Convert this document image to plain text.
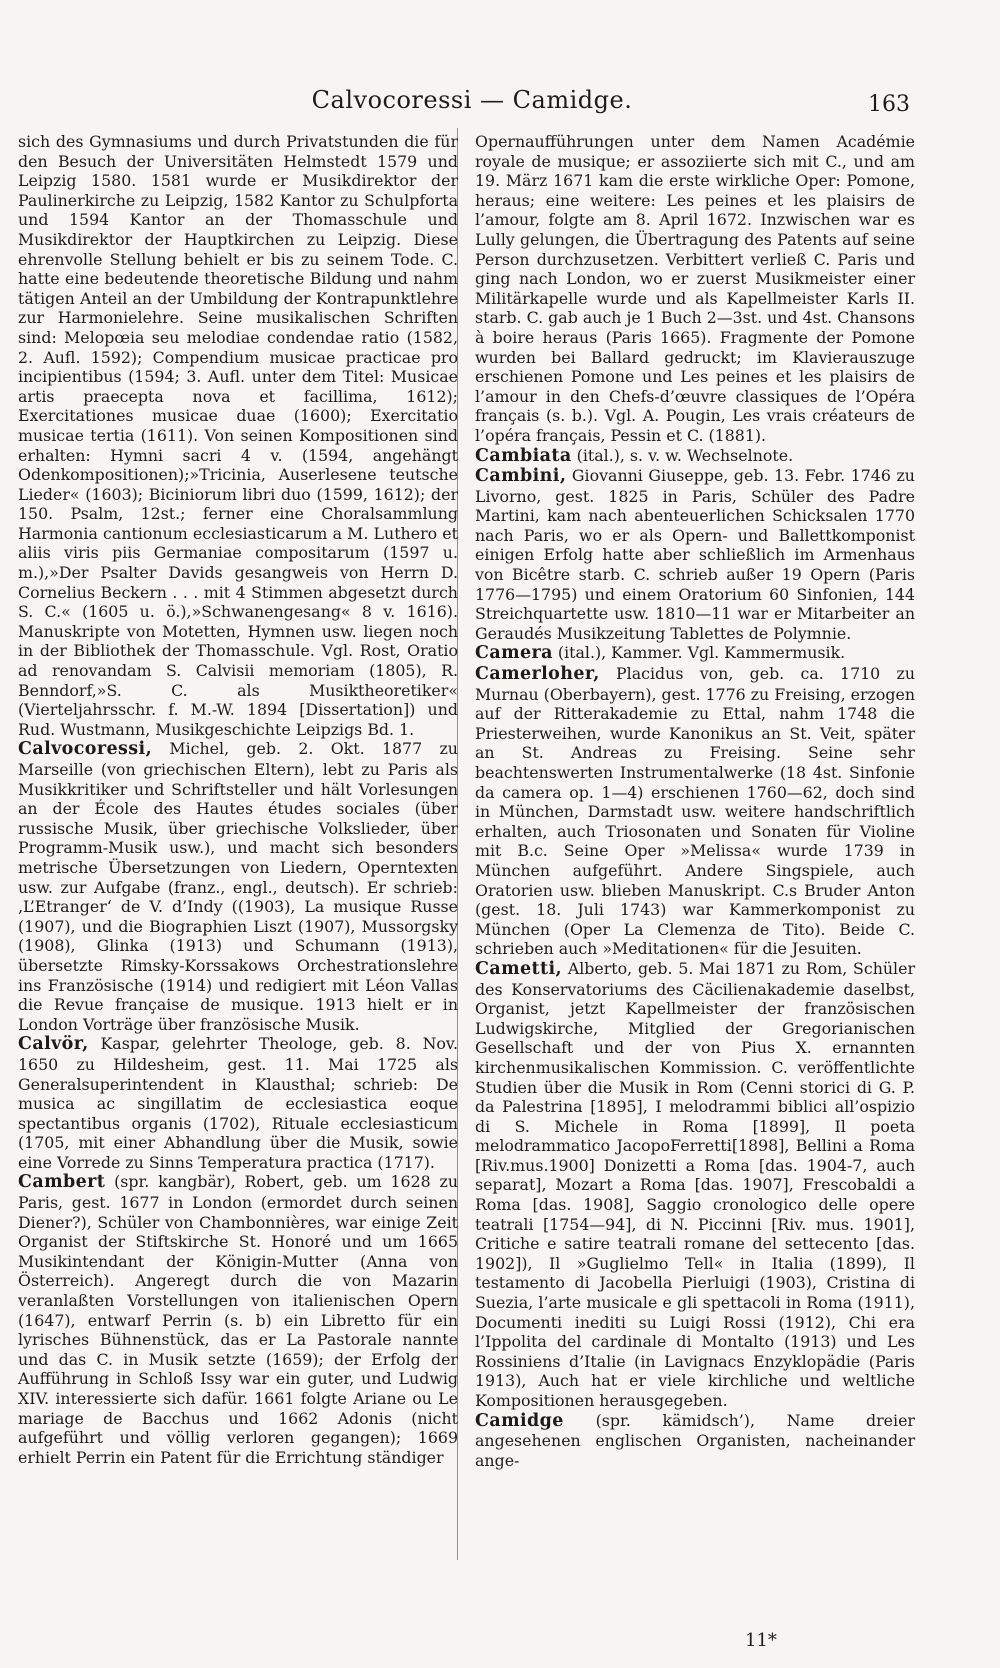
Calvocoressi — Camidge.	163

sich des Gymnasiums und durch Privatstunden die für den Besuch der Universitäten Helmstedt 1579 und Leipzig 1580. 1581 wurde er Musikdirektor der Paulinerkirche zu Leipzig, 1582 Kantor zu Schulpforta und 1594 Kantor an der Thomasschule und Musikdirektor der Hauptkirchen zu Leipzig. Diese ehrenvolle Stellung behielt er bis zu seinem Tode. C. hatte eine bedeutende theoretische Bildung und nahm tätigen Anteil an der Umbildung der Kontrapunktlehre zur Harmonielehre. Seine musikalischen Schriften sind: Melopœia seu melodiae condendae ratio (1582, 2. Aufl. 1592); Compendium musicae practicae pro incipientibus (1594; 3. Aufl. unter dem Titel: Musicae artis praecepta nova et facillima, 1612); Exercitationes musicae duae (1600); Exercitatio musicae tertia (1611). Von seinen Kompositionen sind erhalten: Hymni sacri 4 v. (1594, angehängt Odenkompositionen);»Tricinia, Auserlesene teutsche Lieder« (1603); Biciniorum libri duo (1599, 1612); der 150. Psalm, 12st.; ferner eine Choralsammlung Harmonia cantionum ecclesiasticarum a M. Luthero et aliis viris piis Germaniae compositarum (1597 u. m.),»Der Psalter Davids gesangweis von Herrn D. Cornelius Beckern . . . mit 4 Stimmen abgesetzt durch S. C.« (1605 u. ö.),»Schwanengesang« 8 v. 1616). Manuskripte von Motetten, Hymnen usw. liegen noch in der Bibliothek der Thomasschule. Vgl. Rost, Oratio ad renovandam S. Calvisii memoriam (1805), R. Benndorf,»S. C. als Musiktheoretiker« (Vierteljahrsschr. f. M.-W. 1894 [Dissertation]) und Rud. Wustmann, Musikgeschichte Leipzigs Bd. 1.

Calvocoressi, Michel, geb. 2. Okt. 1877 zu Marseille (von griechischen Eltern), lebt zu Paris als Musikkritiker und Schriftsteller und hält Vorlesungen an der École des Hautes études sociales (über russische Musik, über griechische Volkslieder, über Programm-Musik usw.), und macht sich besonders metrische Übersetzungen von Liedern, Operntexten usw. zur Aufgabe (franz., engl., deutsch). Er schrieb: ‚L’Etranger‘ de V. d’Indy ((1903), La musique Russe (1907), und die Biographien Liszt (1907), Mussorgsky (1908), Glinka (1913) und Schumann (1913), übersetzte Rimsky-Korssakows Orchestrationslehre ins Französische (1914) und redigiert mit Léon Vallas die Revue française de musique. 1913 hielt er in London Vorträge über französische Musik.

Calvör, Kaspar, gelehrter Theologe, geb. 8. Nov. 1650 zu Hildesheim, gest. 11. Mai 1725 als Generalsuperintendent in Klausthal; schrieb: De musica ac singillatim de ecclesiastica eoque spectantibus organis (1702), Rituale ecclesiasticum (1705, mit einer Abhandlung über die Musik, sowie eine Vorrede zu Sinns Temperatura practica (1717).

Cambert (spr. kangbär), Robert, geb. um 1628 zu Paris, gest. 1677 in London (ermordet durch seinen Diener?), Schüler von Chambonnières, war einige Zeit Organist der Stiftskirche St. Honoré und um 1665 Musikintendant der Königin-Mutter (Anna von Österreich). Angeregt durch die von Mazarin veranlaßten Vorstellungen von italienischen Opern (1647), entwarf Perrin (s. b) ein Libretto für ein lyrisches Bühnenstück, das er La Pastorale nannte und das C. in Musik setzte (1659); der Erfolg der Aufführung in Schloß Issy war ein guter, und Ludwig XIV. interessierte sich dafür. 1661 folgte Ariane ou Le mariage de Bacchus und 1662 Adonis (nicht aufgeführt und völlig verloren gegangen); 1669 erhielt Perrin ein Patent für die Errichtung ständiger

Opernaufführungen unter dem Namen Académie royale de musique; er assoziierte sich mit C., und am 19. März 1671 kam die erste wirkliche Oper: Pomone, heraus; eine weitere: Les peines et les plaisirs de l’amour, folgte am 8. April 1672. Inzwischen war es Lully gelungen, die Übertragung des Patents auf seine Person durchzusetzen. Verbittert verließ C. Paris und ging nach London, wo er zuerst Musikmeister einer Militärkapelle wurde und als Kapellmeister Karls II. starb. C. gab auch je 1 Buch 2—3st. und 4st. Chansons à boire heraus (Paris 1665). Fragmente der Pomone wurden bei Ballard gedruckt; im Klavierauszuge erschienen Pomone und Les peines et les plaisirs de l’amour in den Chefs-d’œuvre classiques de l’Opéra français (s. b.). Vgl. A. Pougin, Les vrais créateurs de l’opéra français, Pessin et C. (1881).

Cambiata (ital.), s. v. w. Wechselnote.

Cambini, Giovanni Giuseppe, geb. 13. Febr. 1746 zu Livorno, gest. 1825 in Paris, Schüler des Padre Martini, kam nach abenteuerlichen Schicksalen 1770 nach Paris, wo er als Opern- und Ballettkomponist einigen Erfolg hatte aber schließlich im Armenhaus von Bicêtre starb. C. schrieb außer 19 Opern (Paris 1776—1795) und einem Oratorium 60 Sinfonien, 144 Streichquartette usw. 1810—11 war er Mitarbeiter an Geraudés Musikzeitung Tablettes de Polymnie.

Camera (ital.), Kammer. Vgl. Kammermusik.

Camerloher, Placidus von, geb. ca. 1710 zu Murnau (Oberbayern), gest. 1776 zu Freising, erzogen auf der Ritterakademie zu Ettal, nahm 1748 die Priesterweihen, wurde Kanonikus an St. Veit, später an St. Andreas zu Freising. Seine sehr beachtenswerten Instrumentalwerke (18 4st. Sinfonie da camera op. 1—4) erschienen 1760—62, doch sind in München, Darmstadt usw. weitere handschriftlich erhalten, auch Triosonaten und Sonaten für Violine mit B.c. Seine Oper »Melissa« wurde 1739 in München aufgeführt. Andere Singspiele, auch Oratorien usw. blieben Manuskript. C.s Bruder Anton (gest. 18. Juli 1743) war Kammerkomponist zu München (Oper La Clemenza de Tito). Beide C. schrieben auch »Meditationen« für die Jesuiten.

Cametti, Alberto, geb. 5. Mai 1871 zu Rom, Schüler des Konservatoriums des Cäcilienakademie daselbst, Organist, jetzt Kapellmeister der französischen Ludwigskirche, Mitglied der Gregorianischen Gesellschaft und der von Pius X. ernannten kirchenmusikalischen Kommission. C. veröffentlichte Studien über die Musik in Rom (Cenni storici di G. P. da Palestrina [1895], I melodrammi biblici all’ospizio di S. Michele in Roma [1899], Il poeta melodrammatico JacopoFerretti[1898], Bellini a Roma [Riv.mus.1900] Donizetti a Roma [das. 1904-7, auch separat], Mozart a Roma [das. 1907], Frescobaldi a Roma [das. 1908], Saggio cronologico delle opere teatrali [1754—94], di N. Piccinni [Riv. mus. 1901], Critiche e satire teatrali romane del settecento [das. 1902]), Il »Guglielmo Tell« in Italia (1899), Il testamento di Jacobella Pierluigi (1903), Cristina di Suezia, l’arte musicale e gli spettacoli in Roma (1911), Documenti inediti su Luigi Rossi (1912), Chi era l’Ippolita del cardinale di Montalto (1913) und Les Rossiniens d’Italie (in Lavignacs Enzyklopädie (Paris 1913), Auch hat er viele kirchliche und weltliche Kompositionen herausgegeben.

Camidge (spr. kämidsch’), Name dreier angesehenen englischen Organisten, nacheinander ange-

11*
